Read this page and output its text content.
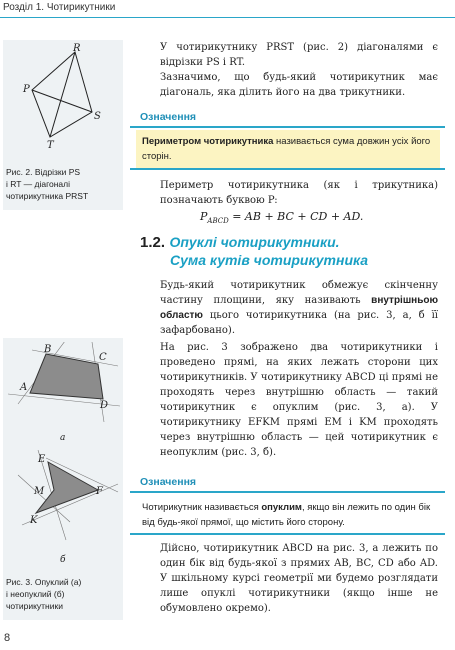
Розділ 1. Чотирикутники
R
P
S
T
Рис. 2. Відрізки PS
і RT — діагоналі
чотирикутника PRST
У чотирикутнику PRST (рис. 2) діагоналями є відрізки PS і RT.
Зазначимо, що будь-який чотирикутник має діагональ, яка ділить його на два трикутники.
Означення
Периметром чотирикутника називається сума довжин усіх його сторін.
Периметр чотирикутника (як і трикутника) позначають буквою P:
$P_{ABCD}$ = AB + BC + CD + AD.
1.2. Опуклі чотирикутники.
Сума кутів чотирикутника
Будь-який чотирикутник обмежує скінченну частину площини, яку називають внутрішньою областю цього чотирикутника (на рис. 3, а, б її зафарбовано).
На рис. 3 зображено два чотирикутники і проведено прямі, на яких лежать сторони цих чотирикутників. У чотирикутнику ABCD ці прямі не проходять через внутрішню область — такий чотирикутник є опуклим (рис. 3, а). У чотирикутнику EFKM прямі EM і KM проходять через внутрішню область — цей чотирикутник є неопуклим (рис. 3, б).
Означення
Чотирикутник називається опуклим, якщо він лежить по один бік від будь-якої прямої, що містить його сторону.
Дійсно, чотирикутник ABCD на рис. 3, а лежить по один бік від будь-якої з прямих AB, BC, CD або AD. У шкільному курсі геометрії ми будемо розглядати лише опуклі чотирикутники (якщо інше не обумовлено окремо).
B
C
A
D
а
E
M	F
K
б
Рис. 3. Опуклий (а)
і неопуклий (б)
чотирикутники
8
